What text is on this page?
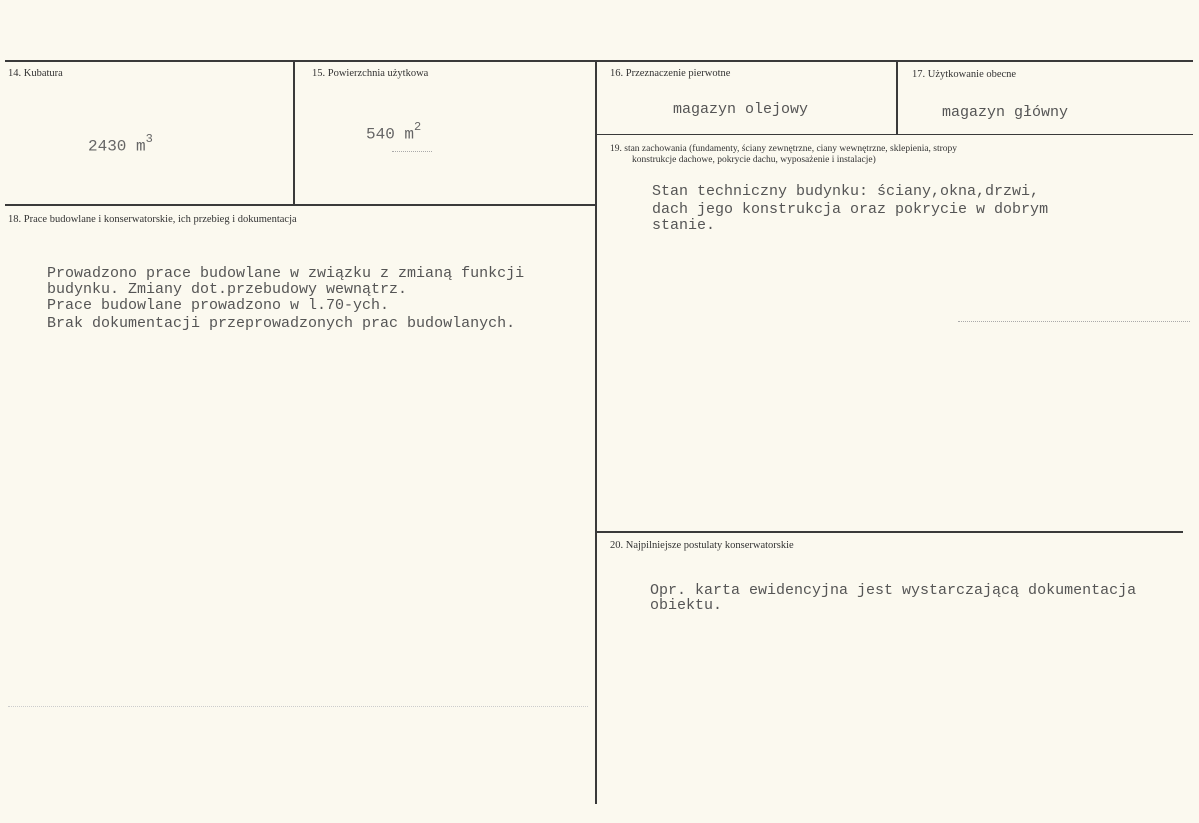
14. Kubatura
2430 $m^3$
15. Powierzchnia użytkowa
540 $m^2$
16. Przeznaczenie pierwotne
magazyn olejowy
17. Użytkowanie obecne
magazyn główny
18. Prace budowlane i konserwatorskie, ich przebieg i dokumentacja
Prowadzono prace budowlane w związku z zmianą funkcji
budynku. Zmiany dot.przebudowy wewnątrz.
Prace budowlane prowadzono w l.70-ych.
Brak dokumentacji przeprowadzonych prac budowlanych.
19. stan zachowania (fundamenty, ściany zewnętrzne, ciany wewnętrzne, sklepienia, stropy
konstrukcje dachowe, pokrycie dachu, wyposażenie i instalacje)
Stan techniczny budynku: ściany,okna,drzwi,
dach jego konstrukcja oraz pokrycie w dobrym
stanie.
20. Najpilniejsze postulaty konserwatorskie
Opr. karta ewidencyjna jest wystarczającą dokumentacja
obiektu.
